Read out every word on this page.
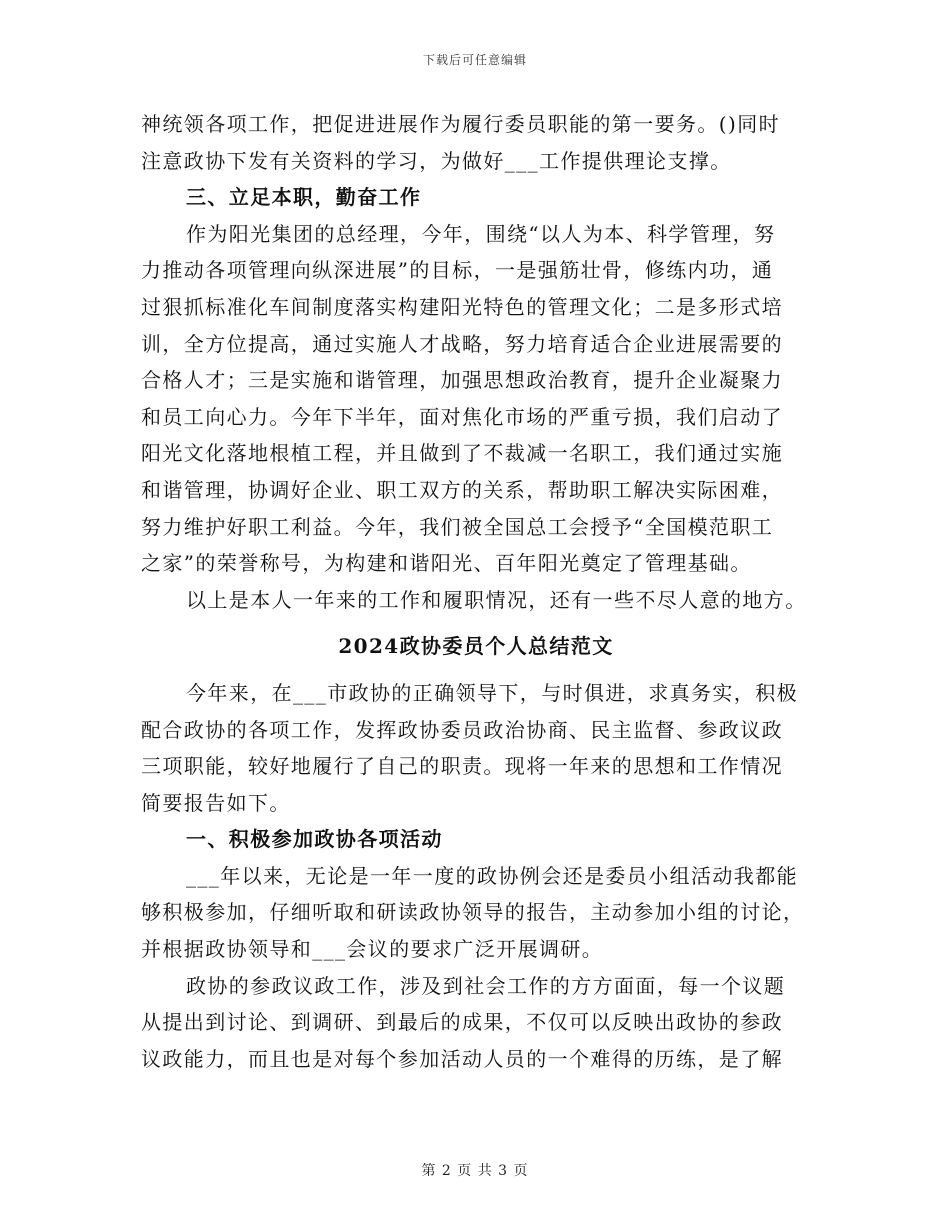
下载后可任意编辑
神统领各项工作，把促进进展作为履行委员职能的第一要务。()同时
注意政协下发有关资料的学习，为做好___工作提供理论支撑。
三、立足本职，勤奋工作
作为阳光集团的总经理，今年，围绕“以人为本、科学管理，努
力推动各项管理向纵深进展”的目标，一是强筋壮骨，修练内功，通
过狠抓标准化车间制度落实构建阳光特色的管理文化；二是多形式培
训，全方位提高，通过实施人才战略，努力培育适合企业进展需要的
合格人才；三是实施和谐管理，加强思想政治教育，提升企业凝聚力
和员工向心力。今年下半年，面对焦化市场的严重亏损，我们启动了
阳光文化落地根植工程，并且做到了不裁减一名职工，我们通过实施
和谐管理，协调好企业、职工双方的关系，帮助职工解决实际困难，
努力维护好职工利益。今年，我们被全国总工会授予“全国模范职工
之家”的荣誉称号，为构建和谐阳光、百年阳光奠定了管理基础。
以上是本人一年来的工作和履职情况，还有一些不尽人意的地方。
2024政协委员个人总结范文
今年来，在___市政协的正确领导下，与时俱进，求真务实，积极
配合政协的各项工作，发挥政协委员政治协商、民主监督、参政议政
三项职能，较好地履行了自己的职责。现将一年来的思想和工作情况
简要报告如下。
一、积极参加政协各项活动
___年以来，无论是一年一度的政协例会还是委员小组活动我都能
够积极参加，仔细听取和研读政协领导的报告，主动参加小组的讨论，
并根据政协领导和___会议的要求广泛开展调研。
政协的参政议政工作，涉及到社会工作的方方面面，每一个议题
从提出到讨论、到调研、到最后的成果，不仅可以反映出政协的参政
议政能力，而且也是对每个参加活动人员的一个难得的历练，是了解
第 2 页 共 3 页
